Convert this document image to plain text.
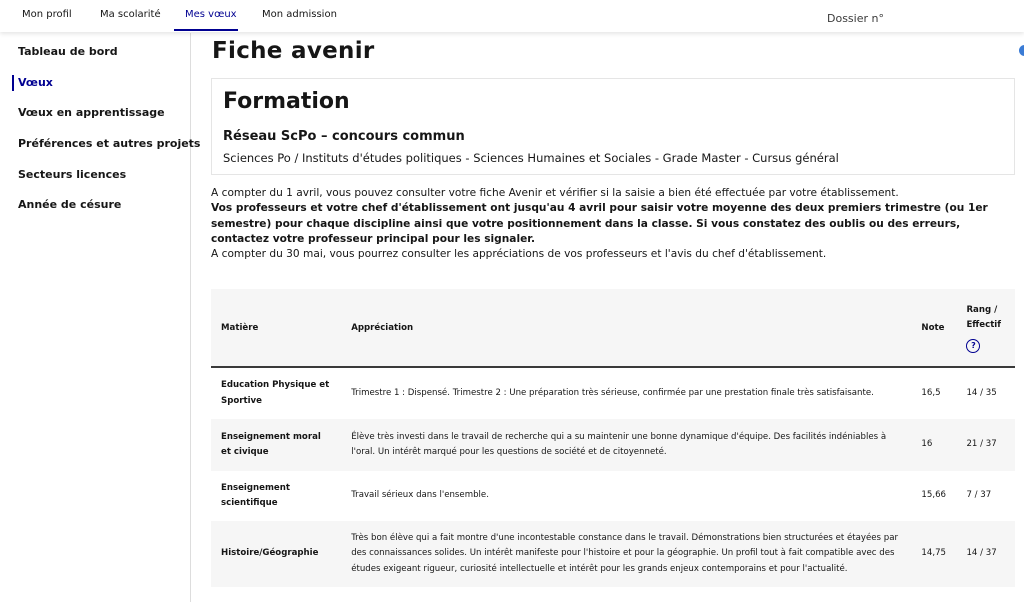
Mon profil	Ma scolarité	Mes vœux	Mon admission	Dossier n°
Tableau de bord
Vœux
Vœux en apprentissage
Préférences et autres projets
Secteurs licences
Année de césure
Fiche avenir
Formation
Réseau ScPo – concours commun
Sciences Po / Instituts d'études politiques - Sciences Humaines et Sociales - Grade Master - Cursus général
A compter du 1 avril, vous pouvez consulter votre fiche Avenir et vérifier si la saisie a bien été effectuée par votre établissement.
Vos professeurs et votre chef d'établissement ont jusqu'au 4 avril pour saisir votre moyenne des deux premiers trimestre (ou 1er semestre) pour chaque discipline ainsi que votre positionnement dans la classe. Si vous constatez des oublis ou des erreurs, contactez votre professeur principal pour les signaler.
A compter du 30 mai, vous pourrez consulter les appréciations de vos professeurs et l'avis du chef d'établissement.
Matière	Appréciation	Note	Rang / Effectif
?
Education Physique et Sportive	Trimestre 1 : Dispensé. Trimestre 2 : Une préparation très sérieuse, confirmée par une prestation finale très satisfaisante.	16,5	14 / 35
Enseignement moral et civique	Élève très investi dans le travail de recherche qui a su maintenir une bonne dynamique d'équipe. Des facilités indéniables à l'oral. Un intérêt marqué pour les questions de société et de citoyenneté.	16	21 / 37
Enseignement scientifique	Travail sérieux dans l'ensemble.	15,66	7 / 37
Histoire/Géographie	Très bon élève qui a fait montre d'une incontestable constance dans le travail. Démonstrations bien structurées et étayées par des connaissances solides. Un intérêt manifeste pour l'histoire et pour la géographie. Un profil tout à fait compatible avec des études exigeant rigueur, curiosité intellectuelle et intérêt pour les grands enjeux contemporains et pour l'actualité.	14,75	14 / 37
